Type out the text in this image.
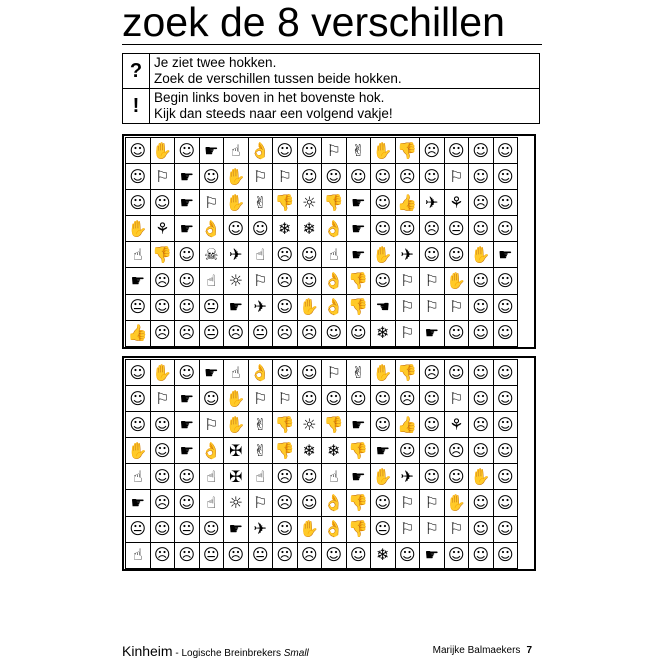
zoek de 8 verschillen
?	Je ziet twee hokken.
Zoek de verschillen tussen beide hokken.

!	Begin links boven in het bovenste hok.
Kijk dan steeds naar een volgend vakje!
☺ ✋ ☺ ☛ ☝ 👌 ☺ ☺ ⚐ ✌ ✋ 👎 ☹ ☺ ☺ ☺
☺ ⚐ ☛ ☺ ✋ ⚐ ⚐ ☺ ☺ ☺ ☺ ☹ ☺ ⚐ ☺ ☺
☺ ☺ ☛ ⚐ ✋ ✌ 👎 ☼ 👎 ☛ ☺ 👍 ✈ ⚘ ☹ ☺
✋ ⚘ ☛ 👌 ☺ ☺ ❄ ❄ 👌 ☛ ☺ ☺ ☹ 😐 ☺ ☺
☝ 👎 ☺ ☠ ✈ ☝ ☹ ☺ ☝ ☛ ✋ ✈ ☺ ☺ ✋ ☛
☛ ☹ ☺ ☝ ☼ ⚐ ☹ ☺ 👌 👎 ☺ ⚐ ⚐ ✋ ☺ ☺
😐 ☺ ☺ 😐 ☛ ✈ ☺ ✋ 👌 👎 ☚ ⚐ ⚐ ⚐ ☺ ☺
👍 ☹ ☹ 😐 ☹ 😐 ☹ ☹ ☺ ☺ ❄ ⚐ ☛ ☺ ☺ ☺
☺ ✋ ☺ ☛ ☝ 👌 ☺ ☺ ⚐ ✌ ✋ 👎 ☹ ☺ ☺ ☺
☺ ⚐ ☛ ☺ ✋ ⚐ ⚐ ☺ ☺ ☺ ☺ ☹ ☺ ⚐ ☺ ☺
☺ ☺ ☛ ⚐ ✋ ✌ 👎 ☼ 👎 ☛ ☺ 👍 ☺ ⚘ ☹ ☺
✋ ☺ ☛ 👌 ✠ ✌ 👎 ❄ ❄ 👎 ☛ ☺ ☺ ☹ ☺ ☺
☝ ☺ ☺ ☝ ✠ ☝ ☹ ☺ ☝ ☛ ✋ ✈ ☺ ☺ ✋ ☺
☛ ☹ ☺ ☝ ☼ ⚐ ☹ ☺ 👌 👎 ☺ ⚐ ⚐ ✋ ☺ ☺
😐 ☺ 😐 ☺ ☛ ✈ ☺ ✋ 👌 👎 😐 ⚐ ⚐ ⚐ ☺ ☺
☝ ☹ ☹ 😐 ☹ 😐 ☹ ☹ ☺ ☺ ❄ ☺ ☛ ☺ ☺ ☺
Kinheim - Logische Breinbrekers Small	Marijke Balmaekers 7
